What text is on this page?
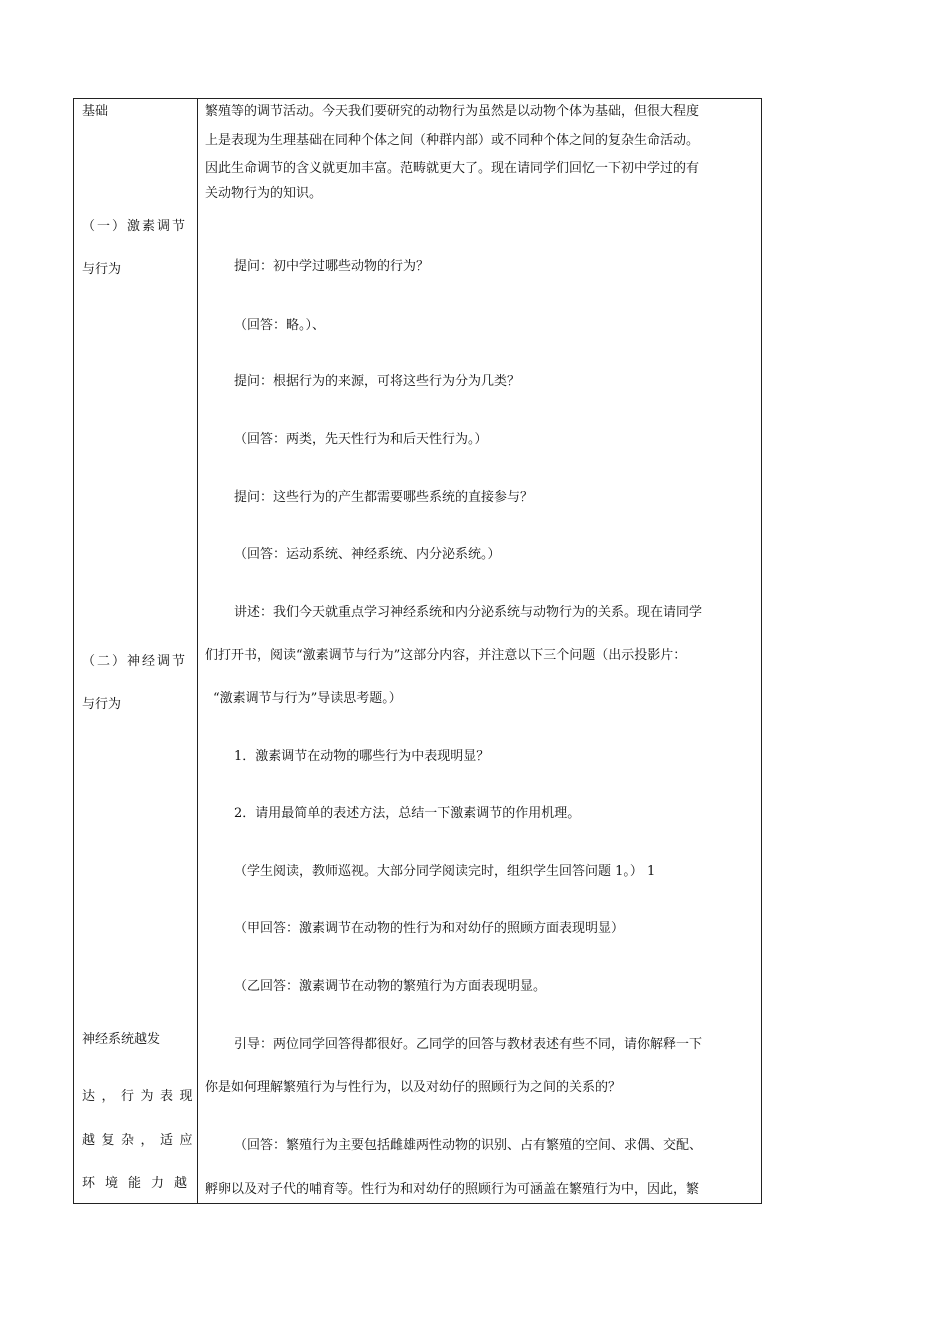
基础
（一）激素调节
与行为
（二）神经调节
与行为
神经系统越发
达，行为表现
越复杂，适应
环境能力越
繁殖等的调节活动。今天我们要研究的动物行为虽然是以动物个体为基础，但很大程度
上是表现为生理基础在同种个体之间（种群内部）或不同种个体之间的复杂生命活动。
因此生命调节的含义就更加丰富。范畴就更大了。现在请同学们回忆一下初中学过的有
关动物行为的知识。
提问：初中学过哪些动物的行为？
（回答：略。）、
提问：根据行为的来源，可将这些行为分为几类？
（回答：两类，先天性行为和后天性行为。）
提问：这些行为的产生都需要哪些系统的直接参与？
（回答：运动系统、神经系统、内分泌系统。）
讲述：我们今天就重点学习神经系统和内分泌系统与动物行为的关系。现在请同学
们打开书，阅读“激素调节与行为”这部分内容，并注意以下三个问题（出示投影片：
“激素调节与行为”导读思考题。）
1．激素调节在动物的哪些行为中表现明显？
2．请用最简单的表述方法，总结一下激素调节的作用机理。
（学生阅读，教师巡视。大部分同学阅读完时，组织学生回答问题 1。） 1
（甲回答：激素调节在动物的性行为和对幼仔的照顾方面表现明显）
（乙回答：激素调节在动物的繁殖行为方面表现明显。
引导：两位同学回答得都很好。乙同学的回答与教材表述有些不同，请你解释一下
你是如何理解繁殖行为与性行为，以及对幼仔的照顾行为之间的关系的？
（回答：繁殖行为主要包括雌雄两性动物的识别、占有繁殖的空间、求偶、交配、
孵卵以及对子代的哺育等。性行为和对幼仔的照顾行为可涵盖在繁殖行为中，因此，繁
